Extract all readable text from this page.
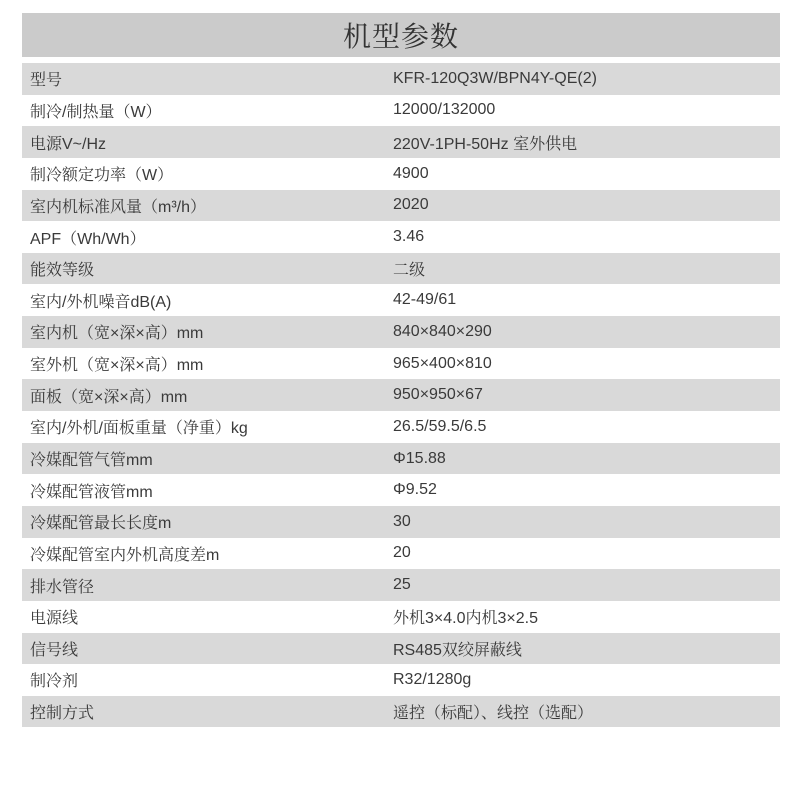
机型参数
型号	KFR-120Q3W/BPN4Y-QE(2)
制冷/制热量（W）	12000/132000
电源V~/Hz	220V-1PH-50Hz 室外供电
制冷额定功率（W）	4900
室内机标准风量（m³/h）	2020
APF（Wh/Wh）	3.46
能效等级	二级
室内/外机噪音dB(A)	42-49/61
室内机（宽×深×高）mm	840×840×290
室外机（宽×深×高）mm	965×400×810
面板（宽×深×高）mm	950×950×67
室内/外机/面板重量（净重）kg	26.5/59.5/6.5
冷媒配管气管mm	Φ15.88
冷媒配管液管mm	Φ9.52
冷媒配管最长长度m	30
冷媒配管室内外机高度差m	20
排水管径	25
电源线	外机3×4.0内机3×2.5
信号线	RS485双绞屏蔽线
制冷剂	R32/1280g
控制方式	遥控（标配）、线控（选配）
